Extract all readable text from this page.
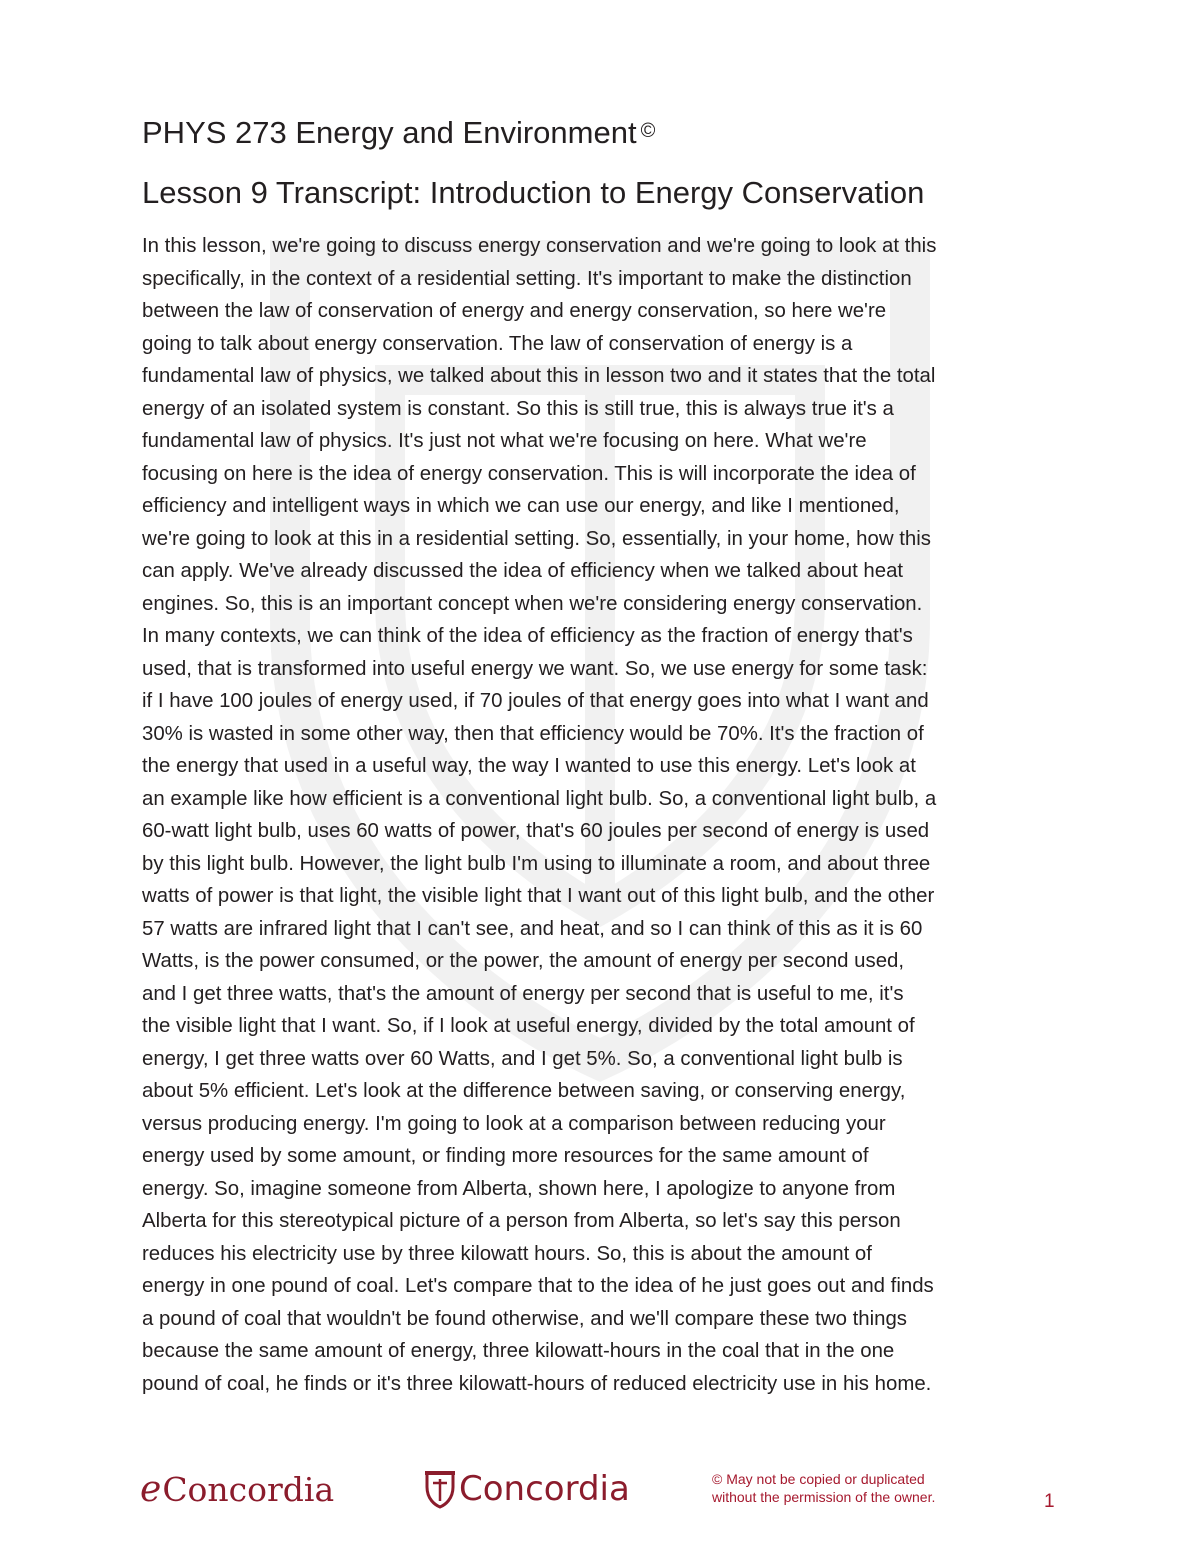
PHYS 273 Energy and Environment ©
Lesson 9 Transcript: Introduction to Energy Conservation
In this lesson, we're going to discuss energy conservation and we're going to look at this
specifically, in the context of a residential setting. It's important to make the distinction
between the law of conservation of energy and energy conservation, so here we're
going to talk about energy conservation. The law of conservation of energy is a
fundamental law of physics, we talked about this in lesson two and it states that the total
energy of an isolated system is constant. So this is still true, this is always true it's a
fundamental law of physics. It's just not what we're focusing on here. What we're
focusing on here is the idea of energy conservation. This is will incorporate the idea of
efficiency and intelligent ways in which we can use our energy, and like I mentioned,
we're going to look at this in a residential setting. So, essentially, in your home, how this
can apply. We've already discussed the idea of efficiency when we talked about heat
engines. So, this is an important concept when we're considering energy conservation.
In many contexts, we can think of the idea of efficiency as the fraction of energy that's
used, that is transformed into useful energy we want. So, we use energy for some task:
if I have 100 joules of energy used, if 70 joules of that energy goes into what I want and
30% is wasted in some other way, then that efficiency would be 70%. It's the fraction of
the energy that used in a useful way, the way I wanted to use this energy. Let's look at
an example like how efficient is a conventional light bulb. So, a conventional light bulb, a
60-watt light bulb, uses 60 watts of power, that's 60 joules per second of energy is used
by this light bulb. However, the light bulb I'm using to illuminate a room, and about three
watts of power is that light, the visible light that I want out of this light bulb, and the other
57 watts are infrared light that I can't see, and heat, and so I can think of this as it is 60
Watts, is the power consumed, or the power, the amount of energy per second used,
and I get three watts, that's the amount of energy per second that is useful to me, it's
the visible light that I want. So, if I look at useful energy, divided by the total amount of
energy, I get three watts over 60 Watts, and I get 5%. So, a conventional light bulb is
about 5% efficient. Let's look at the difference between saving, or conserving energy,
versus producing energy. I'm going to look at a comparison between reducing your
energy used by some amount, or finding more resources for the same amount of
energy. So, imagine someone from Alberta, shown here, I apologize to anyone from
Alberta for this stereotypical picture of a person from Alberta, so let's say this person
reduces his electricity use by three kilowatt hours. So, this is about the amount of
energy in one pound of coal. Let's compare that to the idea of he just goes out and finds
a pound of coal that wouldn't be found otherwise, and we'll compare these two things
because the same amount of energy, three kilowatt-hours in the coal that in the one
pound of coal, he finds or it's three kilowatt-hours of reduced electricity use in his home.
e Concordia	Concordia	© May not be copied or duplicated
without the permission of the owner.	1
